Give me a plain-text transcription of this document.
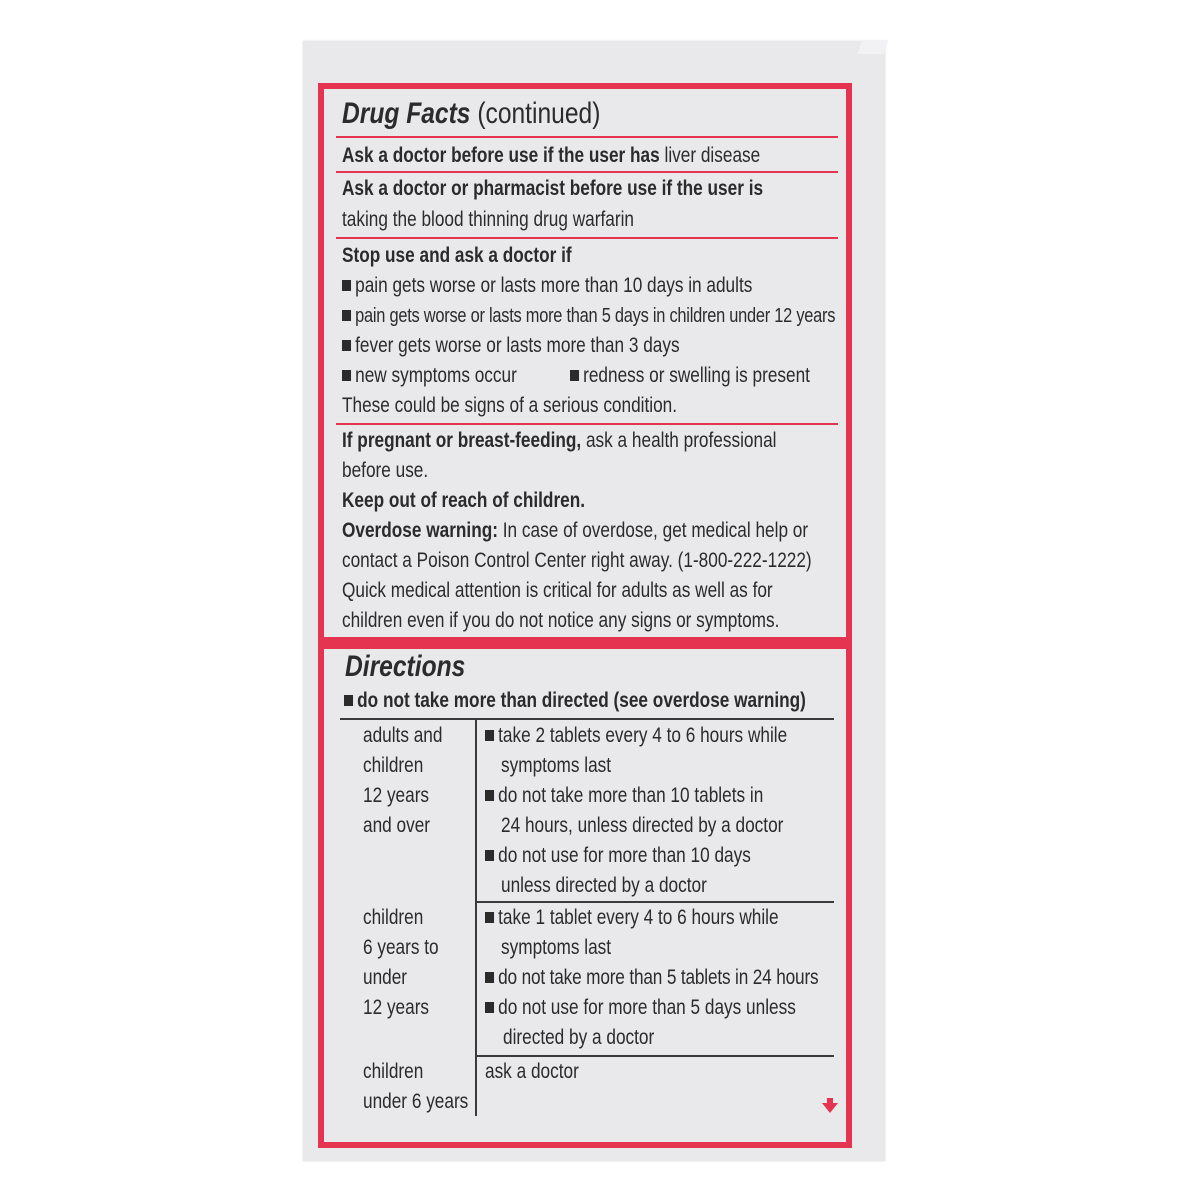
Drug Facts (continued)
Ask a doctor before use if the user has liver disease
Ask a doctor or pharmacist before use if the user is
taking the blood thinning drug warfarin
Stop use and ask a doctor if
pain gets worse or lasts more than 10 days in adults
pain gets worse or lasts more than 5 days in children under 12 years
fever gets worse or lasts more than 3 days
new symptoms occur	redness or swelling is present
These could be signs of a serious condition.
If pregnant or breast-feeding, ask a health professional
before use.
Keep out of reach of children.
Overdose warning: In case of overdose, get medical help or
contact a Poison Control Center right away. (1-800-222-1222)
Quick medical attention is critical for adults as well as for
children even if you do not notice any signs or symptoms.
Directions
do not take more than directed (see overdose warning)
adults and
children
12 years
and over
take 2 tablets every 4 to 6 hours while
symptoms last
do not take more than 10 tablets in
24 hours, unless directed by a doctor
do not use for more than 10 days
unless directed by a doctor
children
6 years to
under
12 years
take 1 tablet every 4 to 6 hours while
symptoms last
do not take more than 5 tablets in 24 hours
do not use for more than 5 days unless
directed by a doctor
children
under 6 years
ask a doctor
